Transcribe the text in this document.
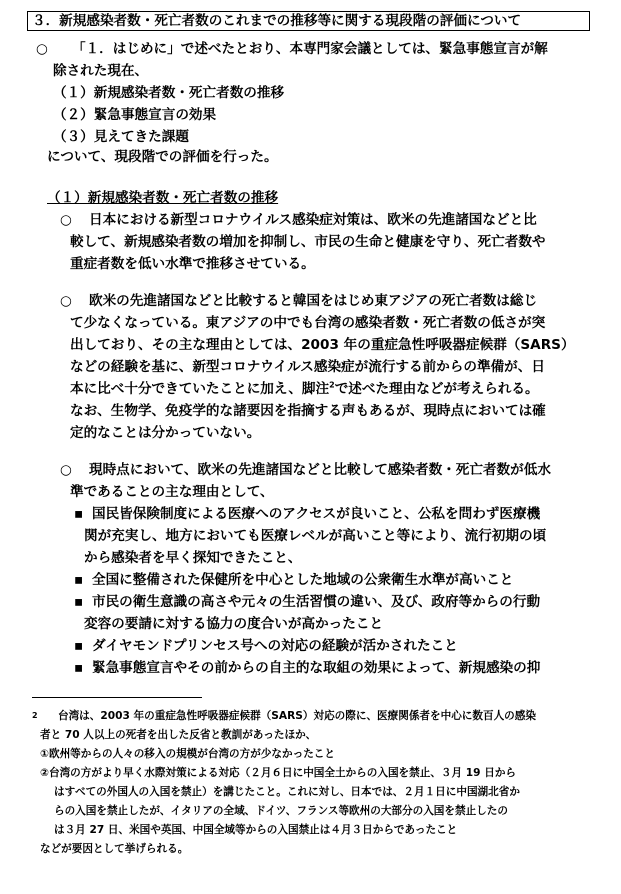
３．新規感染者数・死亡者数のこれまでの推移等に関する現段階の評価について
○ 「１．はじめに」で述べたとおり、本専門家会議としては、緊急事態宣言が解
除された現在、
（１）新規感染者数・死亡者数の推移
（２）緊急事態宣言の効果
（３）見えてきた課題
について、現段階での評価を行った。
（１）新規感染者数・死亡者数の推移
○ 日本における新型コロナウイルス感染症対策は、欧米の先進諸国などと比
較して、新規感染者数の増加を抑制し、市民の生命と健康を守り、死亡者数や
重症者数を低い水準で推移させている。
○ 欧米の先進諸国などと比較すると韓国をはじめ東アジアの死亡者数は総じ
て少なくなっている。東アジアの中でも台湾の感染者数・死亡者数の低さが突
出しており、その主な理由としては、2003 年の重症急性呼吸器症候群（SARS）
などの経験を基に、新型コロナウイルス感染症が流行する前からの準備が、日
本に比べ十分できていたことに加え、脚注$^2$で述べた理由などが考えられる。
なお、生物学、免疫学的な諸要因を指摘する声もあるが、現時点においては確
定的なことは分かっていない。
○ 現時点において、欧米の先進諸国などと比較して感染者数・死亡者数が低水
準であることの主な理由として、
▪ 国民皆保険制度による医療へのアクセスが良いこと、公私を問わず医療機
関が充実し、地方においても医療レベルが高いこと等により、流行初期の頃
から感染者を早く探知できたこと、
▪ 全国に整備された保健所を中心とした地域の公衆衛生水準が高いこと
▪ 市民の衛生意識の高さや元々の生活習慣の違い、及び、政府等からの行動
変容の要請に対する協力の度合いが高かったこと
▪ ダイヤモンドプリンセス号への対応の経験が活かされたこと
▪ 緊急事態宣言やその前からの自主的な取組の効果によって、新規感染の抑
2 台湾は、2003 年の重症急性呼吸器症候群（SARS）対応の際に、医療関係者を中心に数百人の感染
者と 70 人以上の死者を出した反省と教訓があったほか、
①欧州等からの人々の移入の規模が台湾の方が少なかったこと
②台湾の方がより早く水際対策による対応（２月６日に中国全土からの入国を禁止、３月 19 日から
はすべての外国人の入国を禁止）を講じたこと。これに対し、日本では、２月１日に中国湖北省か
らの入国を禁止したが、イタリアの全域、ドイツ、フランス等欧州の大部分の入国を禁止したの
は３月 27 日、米国や英国、中国全域等からの入国禁止は４月３日からであったこと
などが要因として挙げられる。
